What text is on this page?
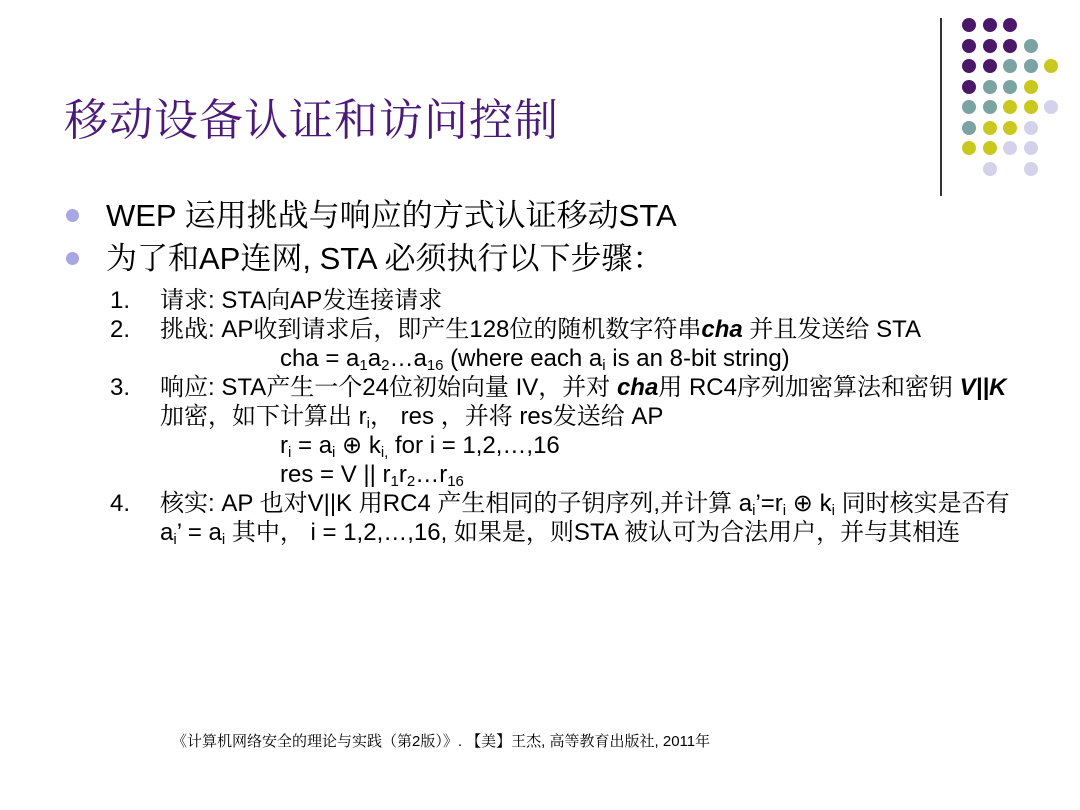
移动设备认证和访问控制
WEP 运用挑战与响应的方式认证移动STA
为了和AP连网, STA 必须执行以下步骤：
1. 请求: STA向AP发连接请求
2. 挑战: AP收到请求后，即产生128位的随机数字符串cha 并且发送给 STA
cha = $a_1a_2\dots a_{16}$ (where each $a_i$ is an 8-bit string)
3. 响应: STA产生一个24位初始向量 IV，并对 cha用 RC4序列加密算法和密钥 V||K加密，如下计算出 $r_i$， res ，并将 res发送给 AP
$r_i = a_i$ ⊕ $k_{i,}$ for i = 1,2,…,16
res = V || $r_1r_2\dots r_{16}$
4. 核实: AP 也对V||K 用RC4 产生相同的子钥序列,并计算 $a_i’=r_i$ ⊕ $k_i$ 同时核实是否有 $a_i$’ = $a_i$ 其中， i = 1,2,…,16, 如果是，则STA 被认可为合法用户，并与其相连
《计算机网络安全的理论与实践（第2版）》. 【美】王杰, 高等教育出版社, 2011年
